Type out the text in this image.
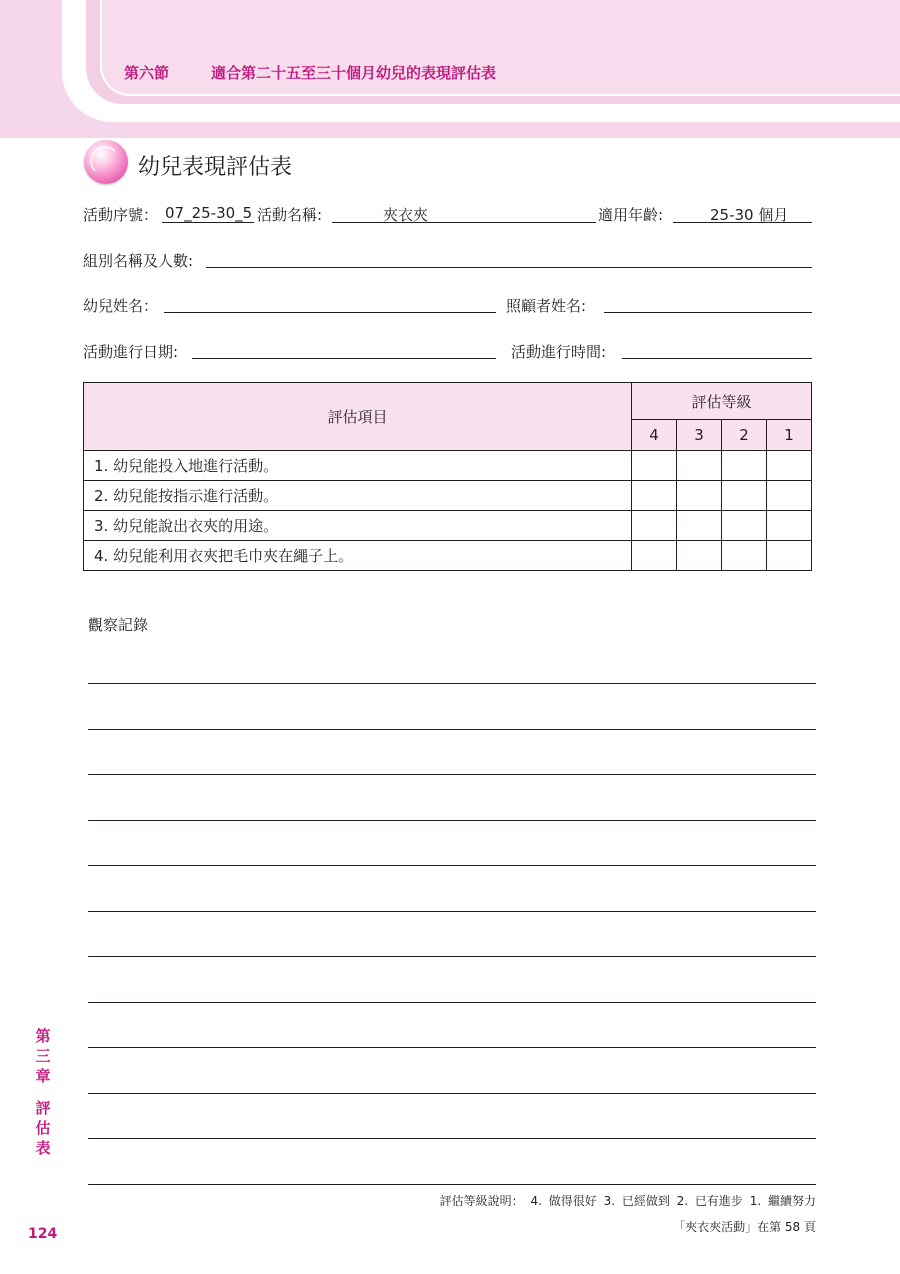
第六節	適合第二十五至三十個月幼兒的表現評估表
幼兒表現評估表
活動序號： 07_25-30_5 活動名稱:	夾衣夾	適用年齡:	25-30 個月
組別名稱及人數:
幼兒姓名：	照顧者姓名:
活動進行日期:	活動進行時間:
評估項目	評估等級			
	4	3	2	1
1. 幼兒能投入地進行活動。				
2. 幼兒能按指示進行活動。				
3. 幼兒能說出衣夾的用途。				
4. 幼兒能利用衣夾把毛巾夾在繩子上。				
觀察記錄
評估等級說明： 4. 做得很好 3. 已經做到 2. 已有進步 1. 繼續努力
「夾衣夾活動」在第 58 頁
124
第
三
章
評
估
表
